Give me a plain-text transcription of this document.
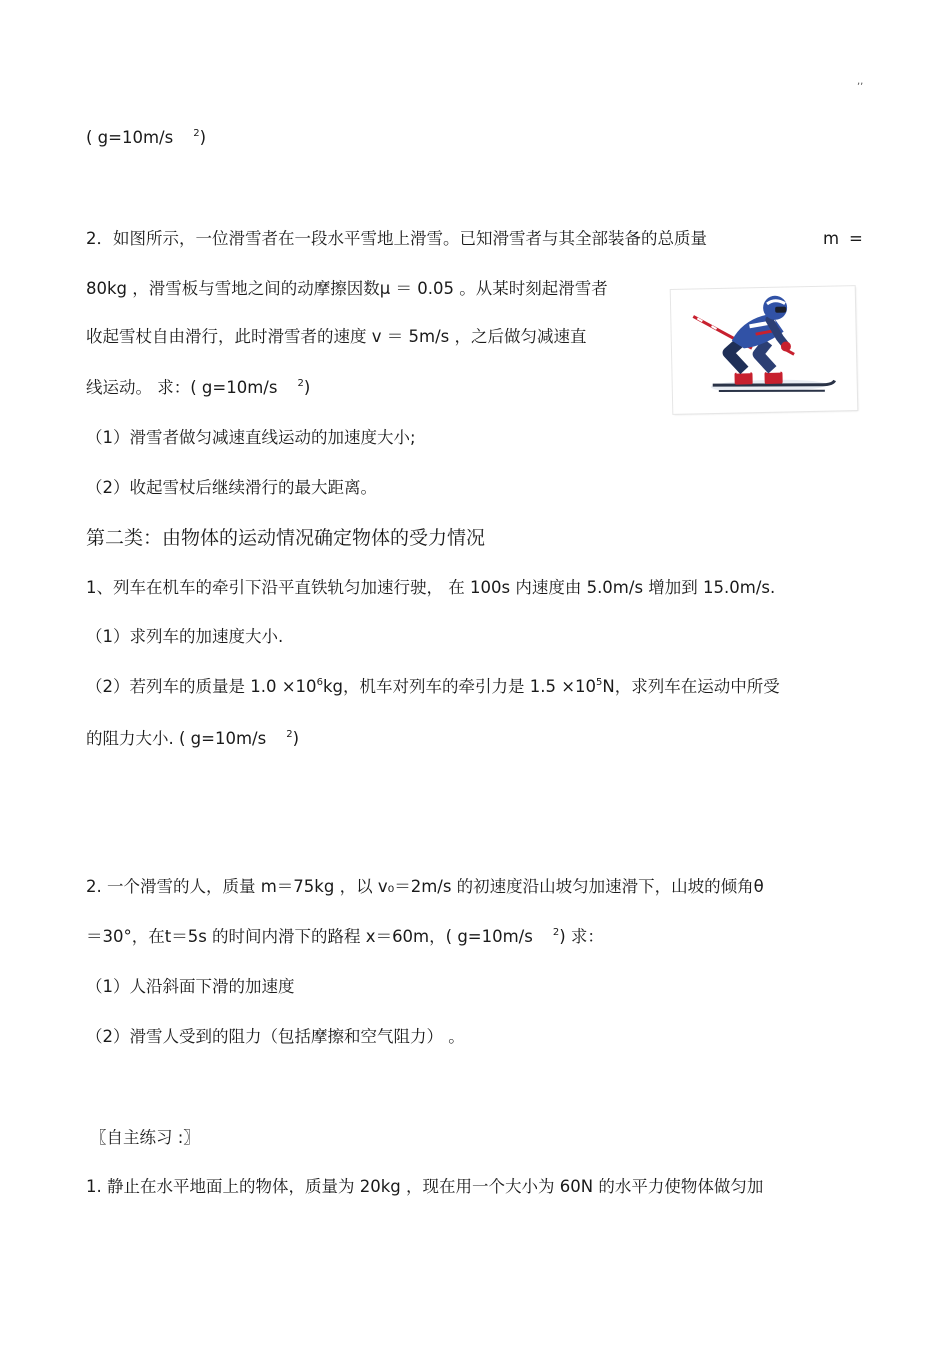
,,
( g=10m/s $^2$)
2．如图所示，一位滑雪者在一段水平雪地上滑雪。已知滑雪者与其全部装备的总质量	m =
80kg ，滑雪板与雪地之间的动摩擦因数μ ＝ 0.05 。从某时刻起滑雪者
收起雪杖自由滑行，此时滑雪者的速度 v ＝ 5m/s ，之后做匀减速直
线运动。 求：( g=10m/s $^2$)
（1）滑雪者做匀减速直线运动的加速度大小;
（2）收起雪杖后继续滑行的最大距离。
第二类：由物体的运动情况确定物体的受力情况
1、列车在机车的牵引下沿平直铁轨匀加速行驶， 在 100s 内速度由 5.0m/s 增加到 15.0m/s.
（1）求列车的加速度大小.
（2）若列车的质量是 $1.0 \times 10^6kg$，机车对列车的牵引力是 $1.5 \times 10^5N$，求列车在运动中所受
的阻力大小. ( g=10m/s $^2$)
2. 一个滑雪的人，质量 m＝75kg ，以 v₀＝2m/s 的初速度沿山坡匀加速滑下，山坡的倾角θ
＝30°，在t＝5s 的时间内滑下的路程 x＝60m，( g=10m/s $^2$) 求：
（1）人沿斜面下滑的加速度
（2）滑雪人受到的阻力（包括摩擦和空气阻力） 。
〖自主练习 :〗
1. 静止在水平地面上的物体，质量为 20kg ，现在用一个大小为 60N 的水平力使物体做匀加
